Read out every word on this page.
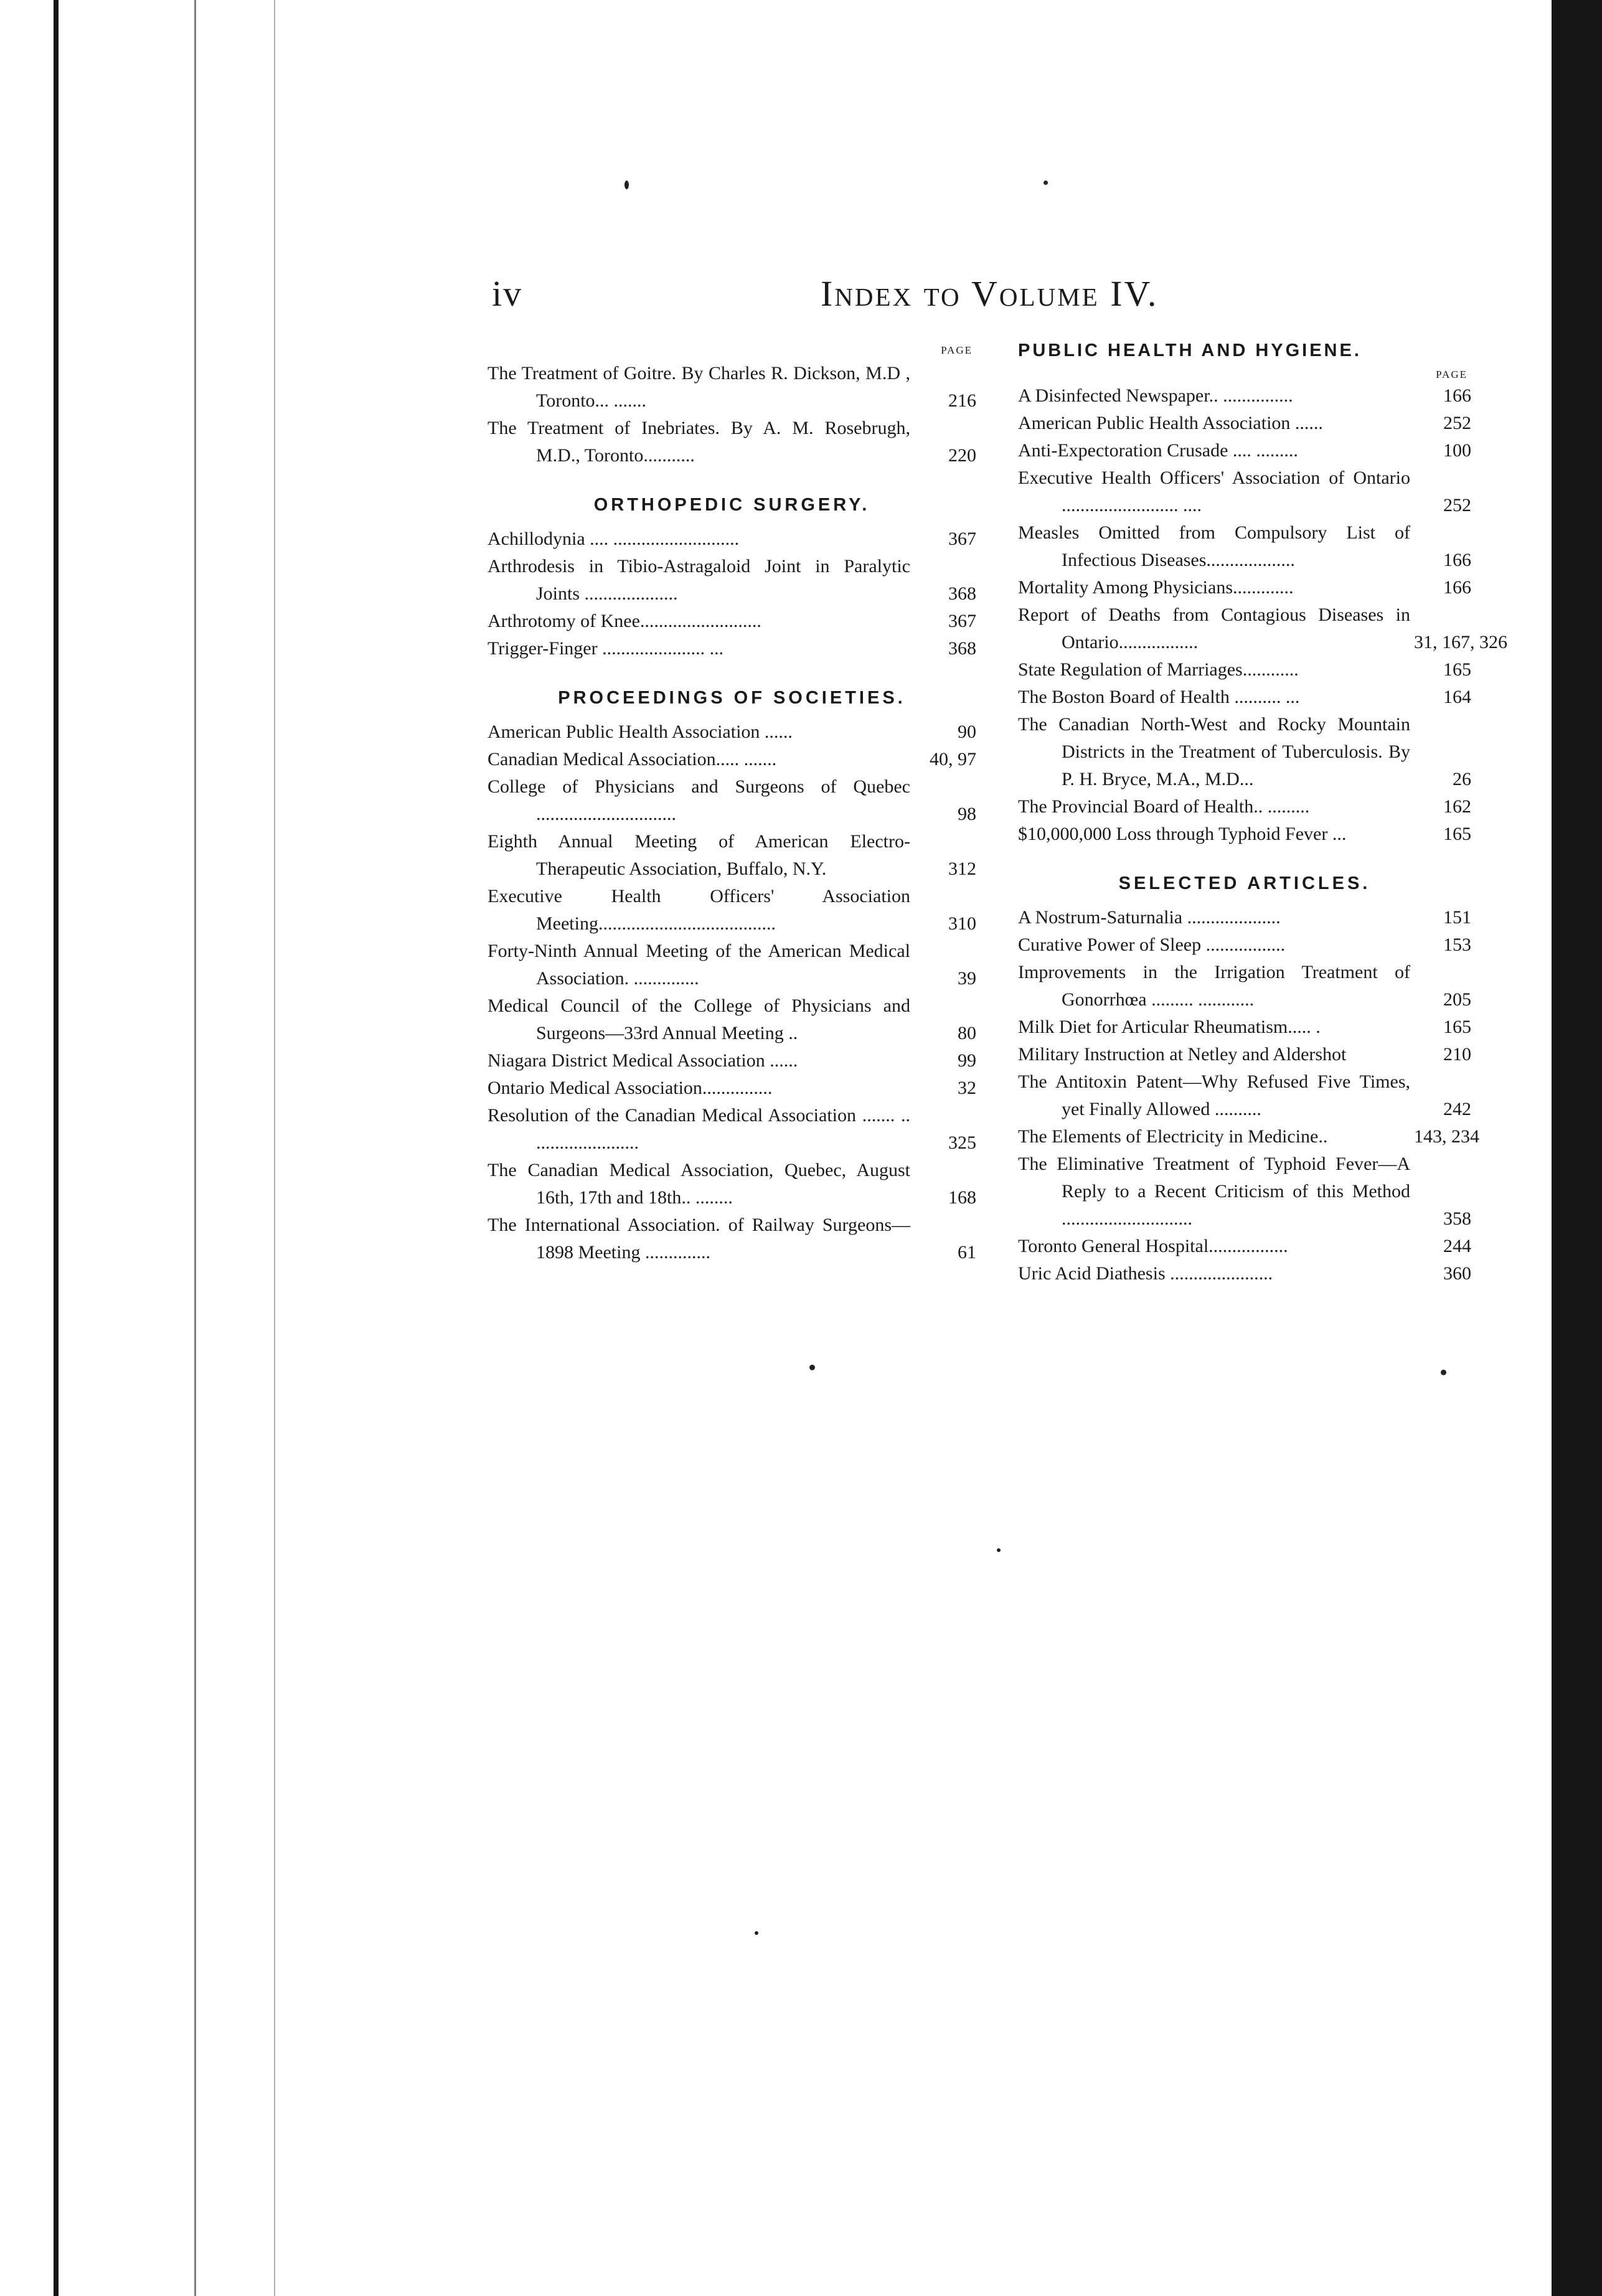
iv	Index to Volume IV.
PAGE
The Treatment of Goitre. By Charles R. Dickson, M.D , Toronto... .......	216
The Treatment of Inebriates. By A. M. Rosebrugh, M.D., Toronto...........	220
ORTHOPEDIC SURGERY.
Achillodynia .... ...........................	367
Arthrodesis in Tibio-Astragaloid Joint in Paralytic Joints ....................	368
Arthrotomy of Knee..........................	367
Trigger-Finger ...................... ...	368
PROCEEDINGS OF SOCIETIES.
American Public Health Association ......	90
Canadian Medical Association..... .......	40, 97
College of Physicians and Surgeons of Quebec ..............................	98
Eighth Annual Meeting of American Electro-Therapeutic Association, Buffalo, N.Y.	312
Executive Health Officers' Association Meeting......................................	310
Forty-Ninth Annual Meeting of the American Medical Association. ..............	39
Medical Council of the College of Physicians and Surgeons—33rd Annual Meeting ..	80
Niagara District Medical Association ......	99
Ontario Medical Association...............	32
Resolution of the Canadian Medical Association ....... .. ......................	325
The Canadian Medical Association, Quebec, August 16th, 17th and 18th.. ........	168
The International Association. of Railway Surgeons—1898 Meeting ..............	61
PUBLIC HEALTH AND HYGIENE.
PAGE
A Disinfected Newspaper.. ...............	166
American Public Health Association ......	252
Anti-Expectoration Crusade .... .........	100
Executive Health Officers' Association of Ontario ......................... ....	252
Measles Omitted from Compulsory List of Infectious Diseases...................	166
Mortality Among Physicians.............	166
Report of Deaths from Contagious Diseases in Ontario.................	31, 167, 326
State Regulation of Marriages............	165
The Boston Board of Health .......... ...	164
The Canadian North-West and Rocky Mountain Districts in the Treatment of Tuberculosis. By P. H. Bryce, M.A., M.D...	26
The Provincial Board of Health.. .........	162
$10,000,000 Loss through Typhoid Fever ...	165
SELECTED ARTICLES.
A Nostrum-Saturnalia ....................	151
Curative Power of Sleep .................	153
Improvements in the Irrigation Treatment of Gonorrhœa ......... ............	205
Milk Diet for Articular Rheumatism..... .	165
Military Instruction at Netley and Aldershot	210
The Antitoxin Patent—Why Refused Five Times, yet Finally Allowed ..........	242
The Elements of Electricity in Medicine..	143, 234
The Eliminative Treatment of Typhoid Fever—A Reply to a Recent Criticism of this Method ............................	358
Toronto General Hospital.................	244
Uric Acid Diathesis ......................	360
